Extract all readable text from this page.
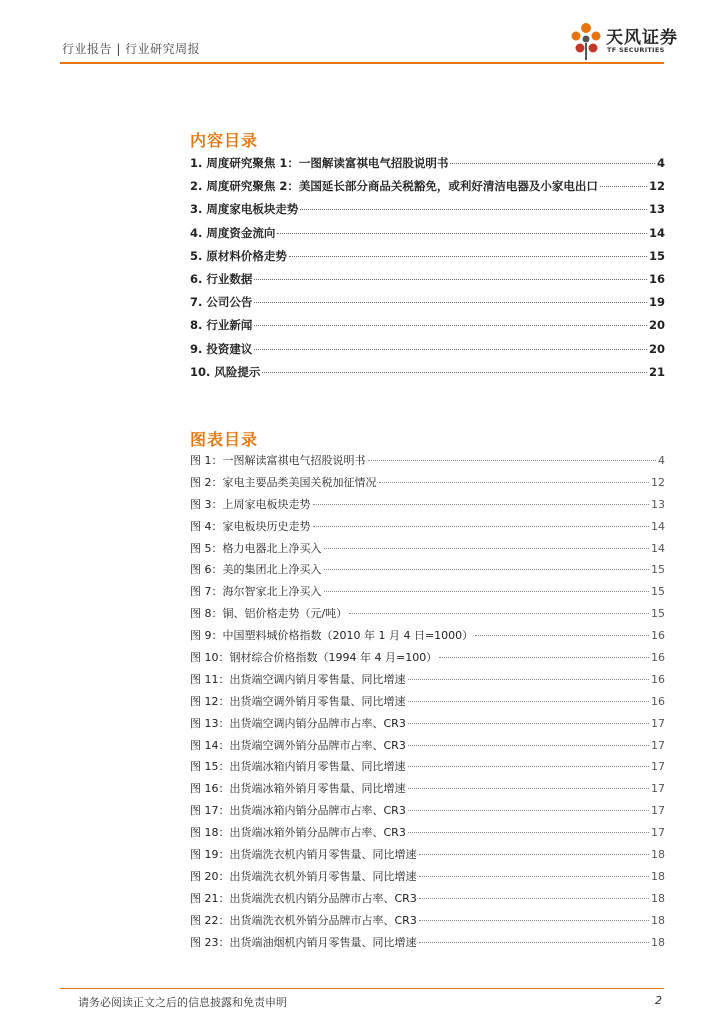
行业报告 | 行业研究周报
天风证券
TF SECURITIES
内容目录
1. 周度研究聚焦 1：一图解读富祺电气招股说明书	4
2. 周度研究聚焦 2：美国延长部分商品关税豁免，或利好清洁电器及小家电出口	12
3. 周度家电板块走势	13
4. 周度资金流向	14
5. 原材料价格走势	15
6. 行业数据	16
7. 公司公告	19
8. 行业新闻	20
9. 投资建议	20
10. 风险提示	21
图表目录
图 1：一图解读富祺电气招股说明书	4
图 2：家电主要品类美国关税加征情况	12
图 3：上周家电板块走势	13
图 4：家电板块历史走势	14
图 5：格力电器北上净买入	14
图 6：美的集团北上净买入	15
图 7：海尔智家北上净买入	15
图 8：铜、铝价格走势（元/吨）	15
图 9：中国塑料城价格指数（2010 年 1 月 4 日=1000）	16
图 10：钢材综合价格指数（1994 年 4 月=100）	16
图 11：出货端空调内销月零售量、同比增速	16
图 12：出货端空调外销月零售量、同比增速	16
图 13：出货端空调内销分品牌市占率、CR3	17
图 14：出货端空调外销分品牌市占率、CR3	17
图 15：出货端冰箱内销月零售量、同比增速	17
图 16：出货端冰箱外销月零售量、同比增速	17
图 17：出货端冰箱内销分品牌市占率、CR3	17
图 18：出货端冰箱外销分品牌市占率、CR3	17
图 19：出货端洗衣机内销月零售量、同比增速	18
图 20：出货端洗衣机外销月零售量、同比增速	18
图 21：出货端洗衣机内销分品牌市占率、CR3	18
图 22：出货端洗衣机外销分品牌市占率、CR3	18
图 23：出货端油烟机内销月零售量、同比增速	18
请务必阅读正文之后的信息披露和免责申明	2
